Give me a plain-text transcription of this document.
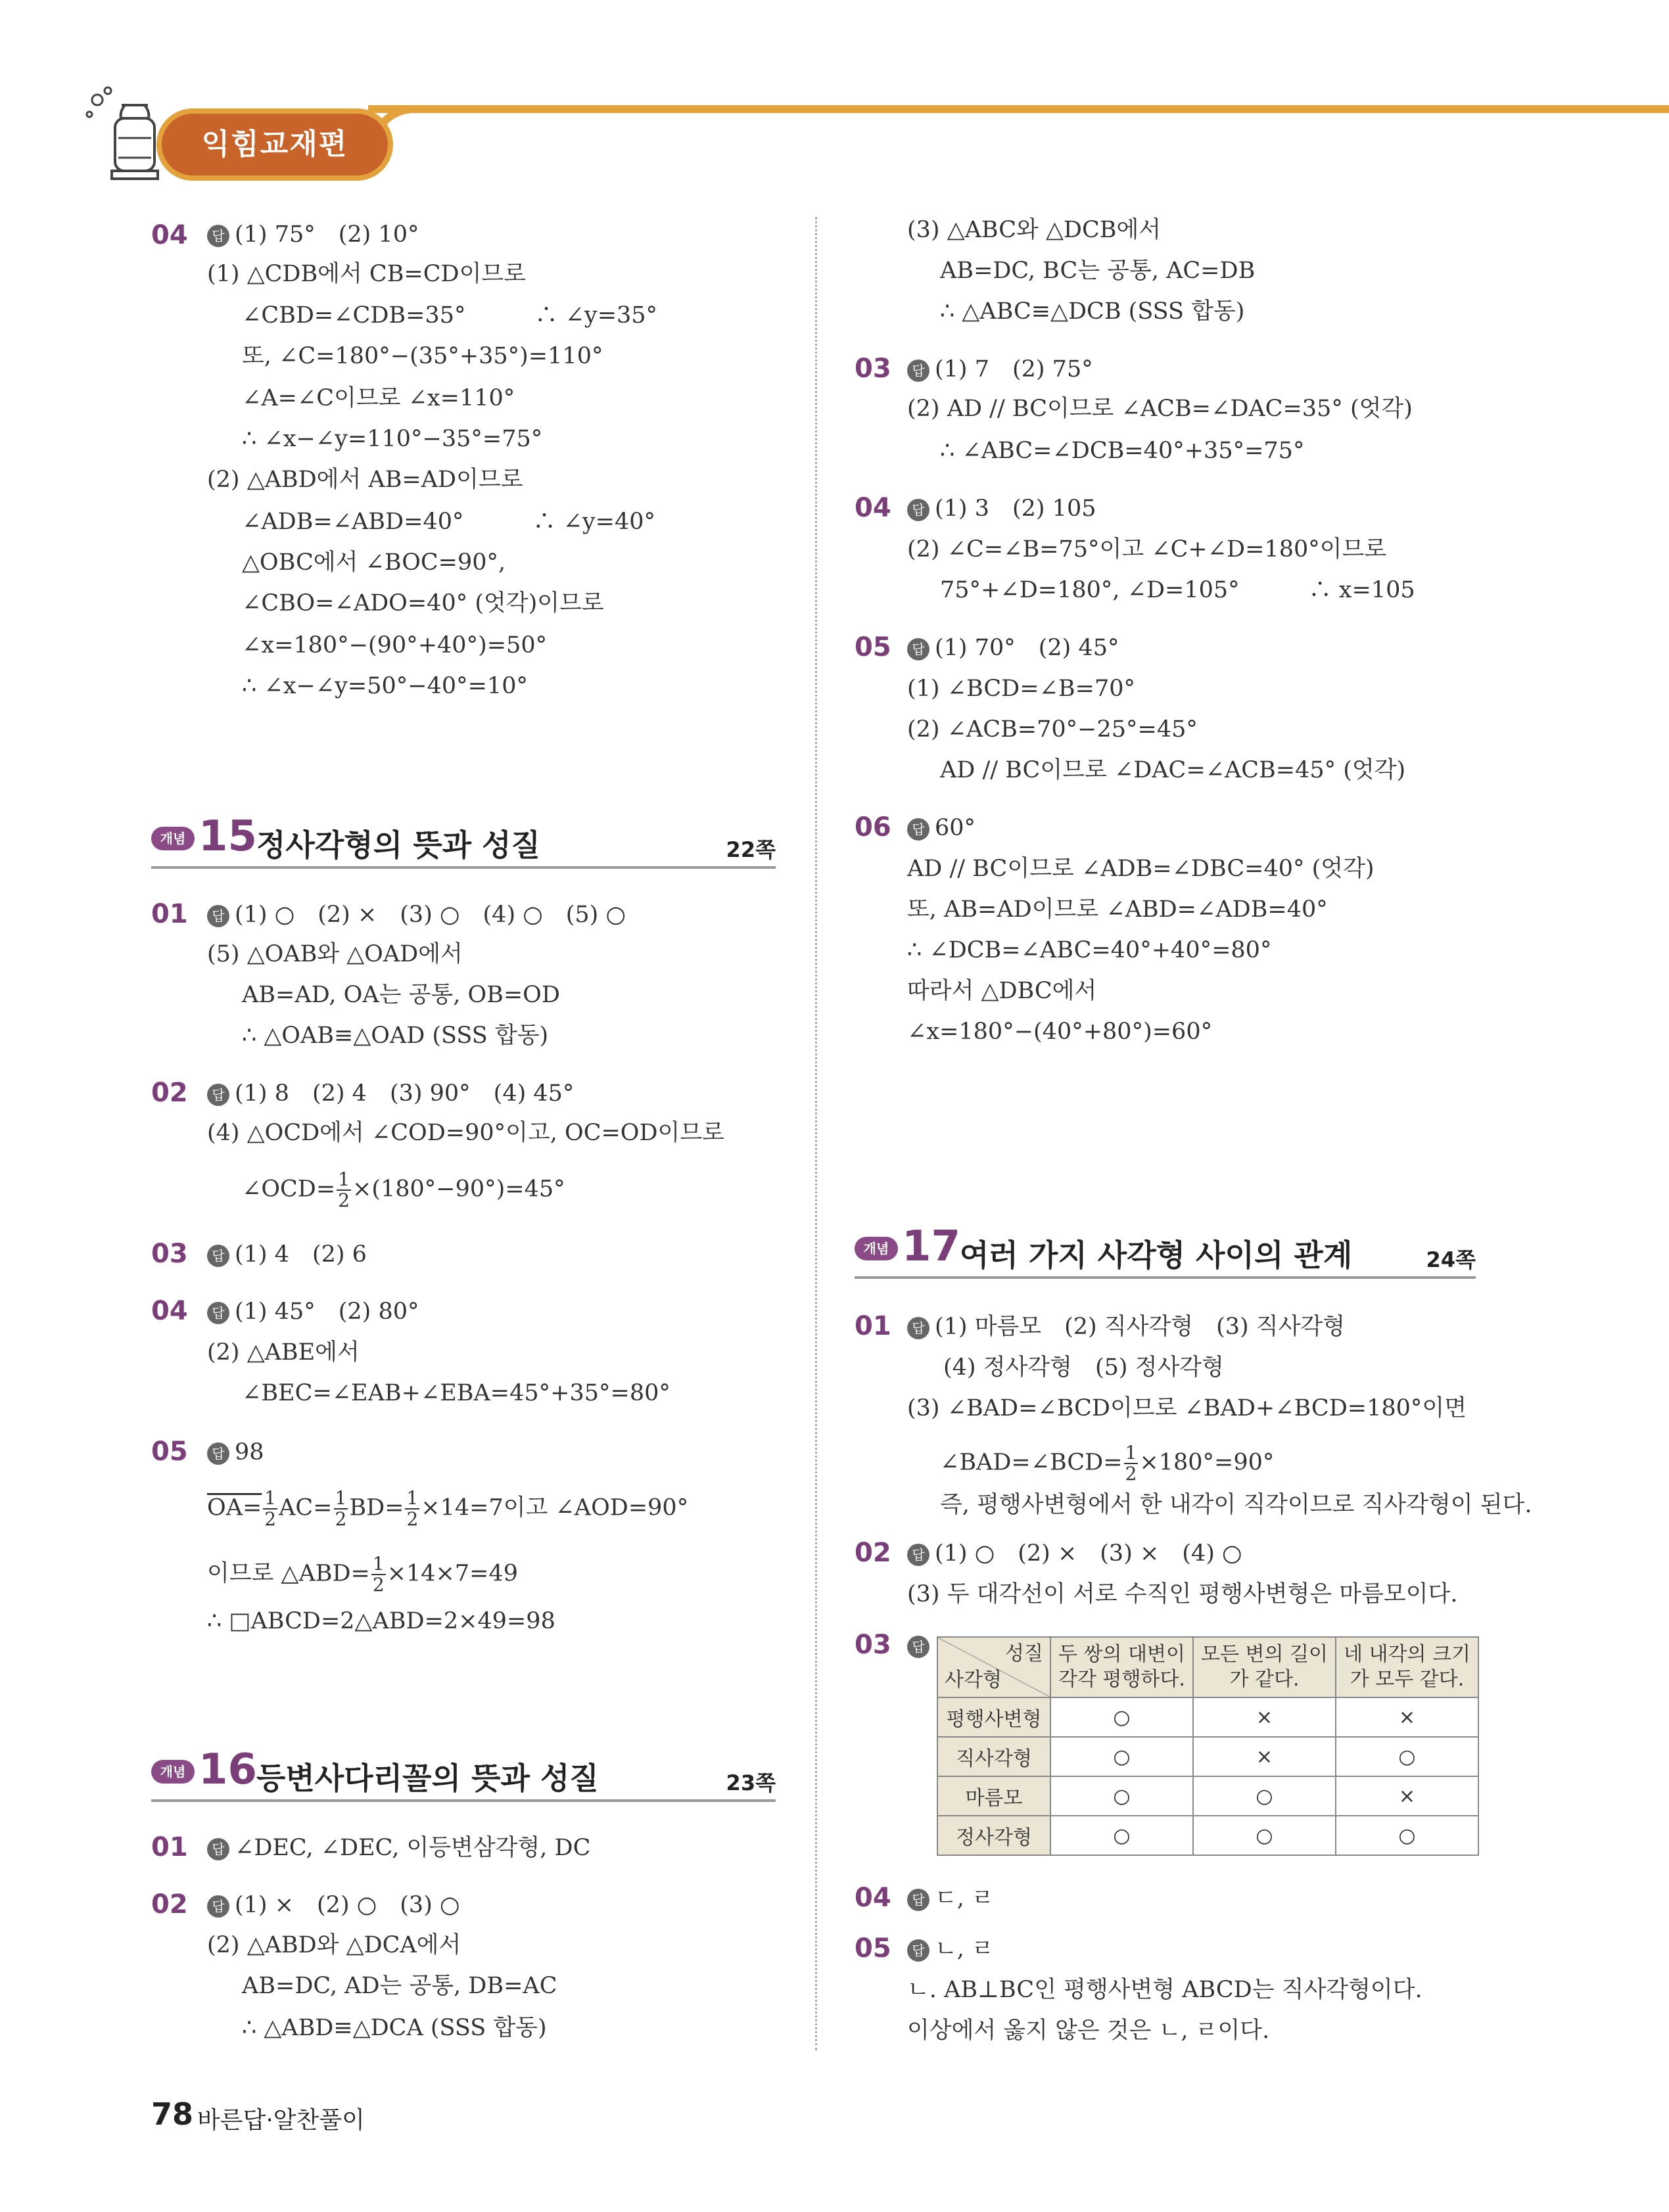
익힘교재편
04	답 (1) 75°　(2) 10°
(1) △CDB에서 CB=CD이므로
∠CBD=∠CDB=35°　　　∴ ∠y=35°
또, ∠C=180°−(35°+35°)=110°
∠A=∠C이므로 ∠x=110°
∴ ∠x−∠y=110°−35°=75°
(2) △ABD에서 AB=AD이므로
∠ADB=∠ABD=40°　　　∴ ∠y=40°
△OBC에서 ∠BOC=90°,
∠CBO=∠ADO=40° (엇각)이므로
∠x=180°−(90°+40°)=50°
∴ ∠x−∠y=50°−40°=10°
개념 15
정사각형의 뜻과 성질	22쪽
01	답 (1) ○　(2) ×　(3) ○　(4) ○　(5) ○
(5) △OAB와 △OAD에서
AB=AD, OA는 공통, OB=OD
∴ △OAB≡△OAD (SSS 합동)
02	답 (1) 8　(2) 4　(3) 90°　(4) 45°
(4) △OCD에서 ∠COD=90°이고, OC=OD이므로
∠OCD= $\frac{1}{2} \times(180^\circ-90^\circ)=45^\circ$
03	답 (1) 4　(2) 6
04	답 (1) 45°　(2) 80°
(2) △ABE에서
∠BEC=∠EAB+∠EBA=45°+35°=80°
05	답 98
$OA= \frac{1}{2} AC= \frac{1}{2} BD= \frac{1}{2} \times 14=7$이고 ∠AOD=90°
이므로 △ABD= $\frac{1}{2} \times 14\times 7=49$
∴ □ABCD=2△ABD=2×49=98
개념 16
등변사다리꼴의 뜻과 성질	23쪽
01	답 ∠DEC, ∠DEC, 이등변삼각형, DC
02	답 (1) ×　(2) ○　(3) ○
(2) △ABD와 △DCA에서
AB=DC, AD는 공통, DB=AC
∴ △ABD≡△DCA (SSS 합동)
(3) △ABC와 △DCB에서
AB=DC, BC는 공통, AC=DB
∴ △ABC≡△DCB (SSS 합동)
03	답 (1) 7　(2) 75°
(2) AD // BC이므로 ∠ACB=∠DAC=35° (엇각)
∴ ∠ABC=∠DCB=40°+35°=75°
04	답 (1) 3　(2) 105
(2) ∠C=∠B=75°이고 ∠C+∠D=180°이므로
75°+∠D=180°, ∠D=105°　　　∴ x=105
05	답 (1) 70°　(2) 45°
(1) ∠BCD=∠B=70°
(2) ∠ACB=70°−25°=45°
AD // BC이므로 ∠DAC=∠ACB=45° (엇각)
06	답 60°
AD // BC이므로 ∠ADB=∠DBC=40° (엇각)
또, AB=AD이므로 ∠ABD=∠ADB=40°
∴ ∠DCB=∠ABC=40°+40°=80°
따라서 △DBC에서
∠x=180°−(40°+80°)=60°
개념 17
여러 가지 사각형 사이의 관계	24쪽
01	답 (1) 마름모　(2) 직사각형　(3) 직사각형
(4) 정사각형　(5) 정사각형
(3) ∠BAD=∠BCD이므로 ∠BAD+∠BCD=180°이면
∠BAD=∠BCD= $\frac{1}{2} \times 180^\circ=90^\circ$
즉, 평행사변형에서 한 내각이 직각이므로 직사각형이 된다.
02	답 (1) ○　(2) ×　(3) ×　(4) ○
(3) 두 대각선이 서로 수직인 평행사변형은 마름모이다.
03	답	성질
사각형	두 쌍의 대변이 각각 평행하다.	모든 변의 길이가 같다.	네 내각의 크기가 모두 같다.
평행사변형	○	×	×
직사각형	○	×	○
마름모	○	○	×
정사각형	○	○	○
04	답 ㄷ, ㄹ
05	답 ㄴ, ㄹ
ㄴ. AB⊥BC인 평행사변형 ABCD는 직사각형이다.
이상에서 옳지 않은 것은 ㄴ, ㄹ이다.
78 바른답·알찬풀이
